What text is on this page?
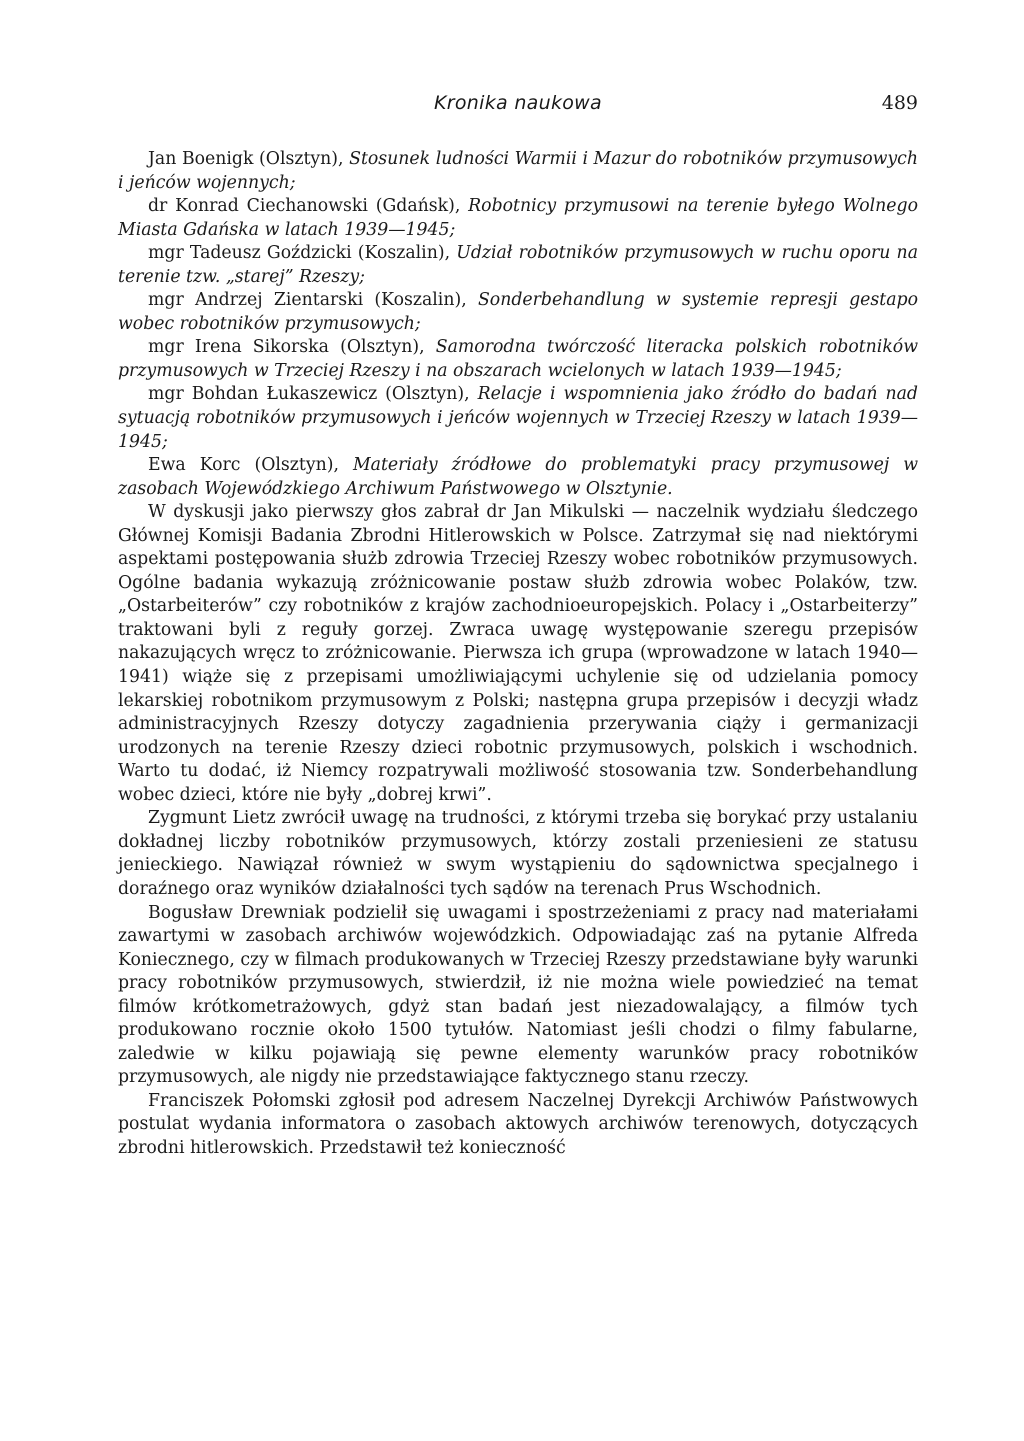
Kronika naukowa	489

Jan Boenigk (Olsztyn), Stosunek ludności Warmii i Mazur do robotników przymusowych i jeńców wojennych;

dr Konrad Ciechanowski (Gdańsk), Robotnicy przymusowi na terenie byłego Wolnego Miasta Gdańska w latach 1939—1945;

mgr Tadeusz Goździcki (Koszalin), Udział robotników przymusowych w ruchu oporu na terenie tzw. „starej” Rzeszy;

mgr Andrzej Zientarski (Koszalin), Sonderbehandlung w systemie represji gestapo wobec robotników przymusowych;

mgr Irena Sikorska (Olsztyn), Samorodna twórczość literacka polskich robotników przymusowych w Trzeciej Rzeszy i na obszarach wcielonych w latach 1939—1945;

mgr Bohdan Łukaszewicz (Olsztyn), Relacje i wspomnienia jako źródło do badań nad sytuacją robotników przymusowych i jeńców wojennych w Trzeciej Rzeszy w latach 1939—1945;

Ewa Korc (Olsztyn), Materiały źródłowe do problematyki pracy przymusowej w zasobach Wojewódzkiego Archiwum Państwowego w Olsztynie.

W dyskusji jako pierwszy głos zabrał dr Jan Mikulski — naczelnik wydziału śledczego Głównej Komisji Badania Zbrodni Hitlerowskich w Polsce. Zatrzymał się nad niektórymi aspektami postępowania służb zdrowia Trzeciej Rzeszy wobec robotników przymusowych. Ogólne badania wykazują zróżnicowanie postaw służb zdrowia wobec Polaków, tzw. „Ostarbeiterów” czy robotników z krajów zachodnioeuropejskich. Polacy i „Ostarbeiterzy” traktowani byli z reguły gorzej. Zwraca uwagę występowanie szeregu przepisów nakazujących wręcz to zróżnicowanie. Pierwsza ich grupa (wprowadzone w latach 1940—1941) wiąże się z przepisami umożliwiającymi uchylenie się od udzielania pomocy lekarskiej robotnikom przymusowym z Polski; następna grupa przepisów i decyzji władz administracyjnych Rzeszy dotyczy zagadnienia przerywania ciąży i germanizacji urodzonych na terenie Rzeszy dzieci robotnic przymusowych, polskich i wschodnich. Warto tu dodać, iż Niemcy rozpatrywali możliwość stosowania tzw. Sonderbehandlung wobec dzieci, które nie były „dobrej krwi”.

Zygmunt Lietz zwrócił uwagę na trudności, z którymi trzeba się borykać przy ustalaniu dokładnej liczby robotników przymusowych, którzy zostali przeniesieni ze statusu jenieckiego. Nawiązał również w swym wystąpieniu do sądownictwa specjalnego i doraźnego oraz wyników działalności tych sądów na terenach Prus Wschodnich.

Bogusław Drewniak podzielił się uwagami i spostrzeżeniami z pracy nad materiałami zawartymi w zasobach archiwów wojewódzkich. Odpowiadając zaś na pytanie Alfreda Koniecznego, czy w filmach produkowanych w Trzeciej Rzeszy przedstawiane były warunki pracy robotników przymusowych, stwierdził, iż nie można wiele powiedzieć na temat filmów krótkometrażowych, gdyż stan badań jest niezadowalający, a filmów tych produkowano rocznie około 1500 tytułów. Natomiast jeśli chodzi o filmy fabularne, zaledwie w kilku pojawiają się pewne elementy warunków pracy robotników przymusowych, ale nigdy nie przedstawiające faktycznego stanu rzeczy.

Franciszek Połomski zgłosił pod adresem Naczelnej Dyrekcji Archiwów Państwowych postulat wydania informatora o zasobach aktowych archiwów terenowych, dotyczących zbrodni hitlerowskich. Przedstawił też konieczność
